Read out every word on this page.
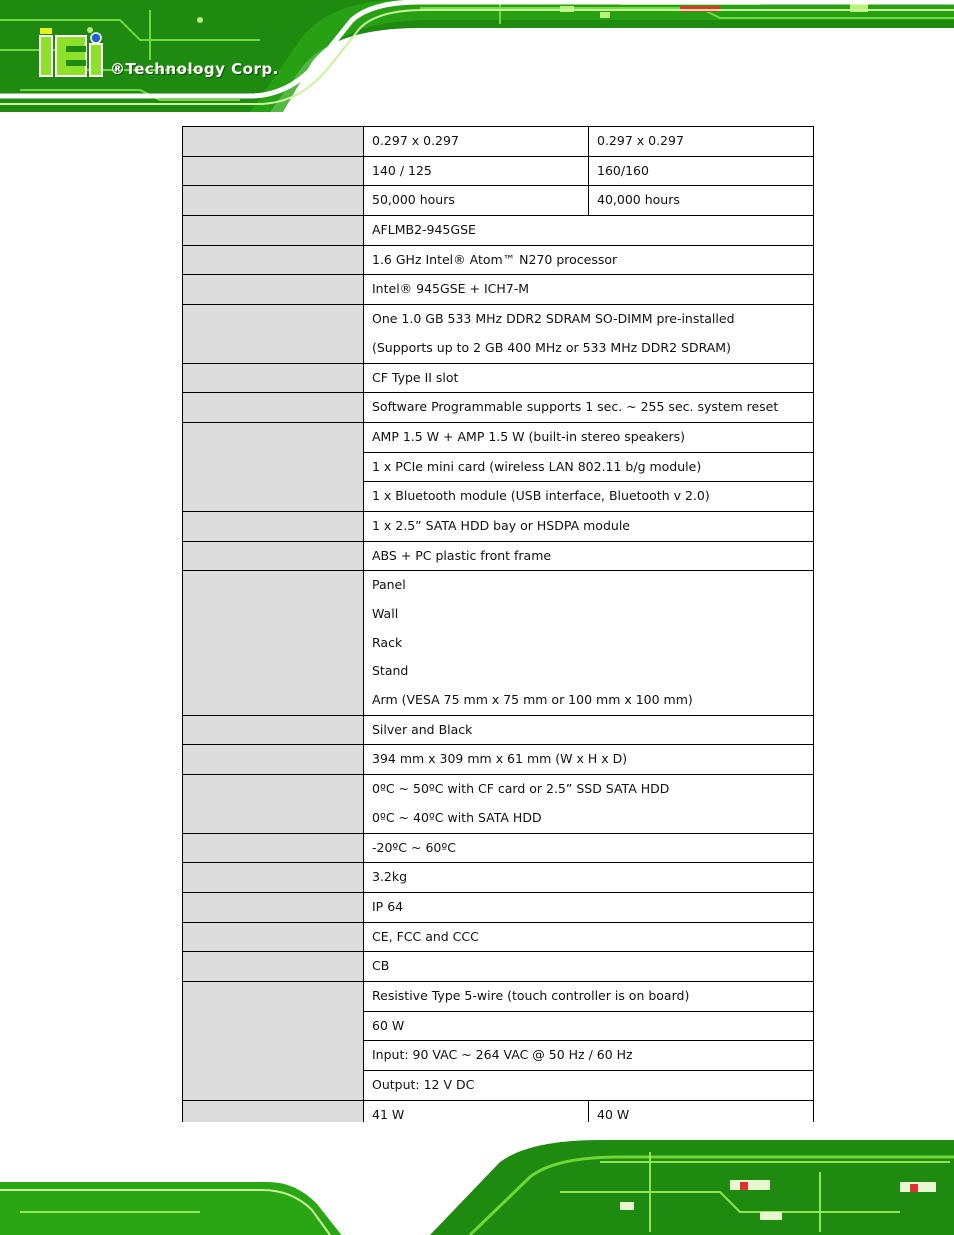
®Technology Corp.

	0.297 x 0.297	0.297 x 0.297

	140 / 125	160/160

	50,000 hours	40,000 hours

	AFLMB2-945GSE	

	1.6 GHz Intel® Atom™ N270 processor	

	Intel® 945GSE + ICH7-M	

	One 1.0 GB 533 MHz DDR2 SDRAM SO-DIMM pre-installed
(Supports up to 2 GB 400 MHz or 533 MHz DDR2 SDRAM)	

	CF Type II slot	

	Software Programmable supports 1 sec. ~ 255 sec. system reset	

	AMP 1.5 W + AMP 1.5 W (built-in stereo speakers)
1 x PCIe mini card (wireless LAN 802.11 b/g module)
1 x Bluetooth module (USB interface, Bluetooth v 2.0)	

	1 x 2.5” SATA HDD bay or HSDPA module	

	ABS + PC plastic front frame	

	Panel
Wall
Rack
Stand
Arm (VESA 75 mm x 75 mm or 100 mm x 100 mm)	

	Silver and Black	

	394 mm x 309 mm x 61 mm (W x H x D)	

	0ºC ~ 50ºC with CF card or 2.5” SSD SATA HDD
0ºC ~ 40ºC with SATA HDD	

	-20ºC ~ 60ºC	

	3.2kg	

	IP 64	

	CE, FCC and CCC	

	CB	

	Resistive Type 5-wire (touch controller is on board)
60 W
Input: 90 VAC ~ 264 VAC @ 50 Hz / 60 Hz
Output: 12 V DC	

	41 W	40 W
